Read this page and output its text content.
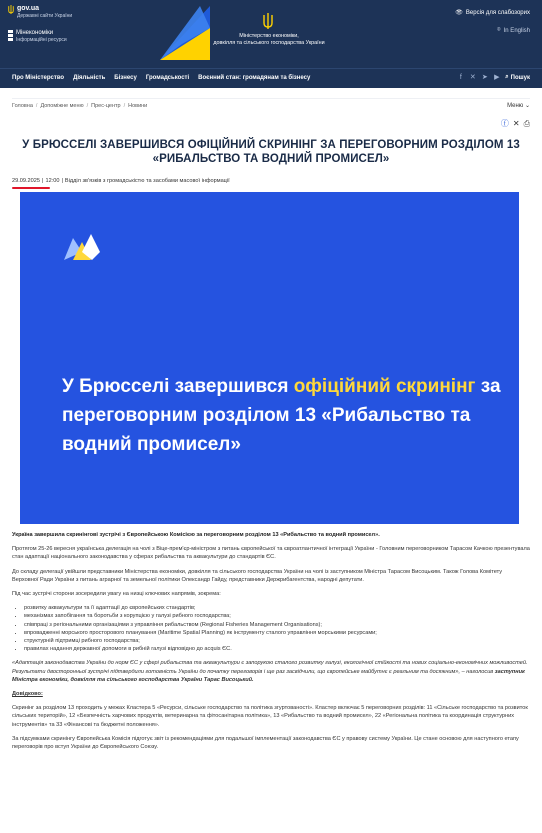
gov.ua
Державні сайти України
Мінекономіки
Інформаційні ресурси
Міністерство економіки,
довкілля та сільського господарства України
👁 Версія для слабозорих
⌾ In English
Про Міністерство Діяльність Бізнесу Громадськості Воєнний стан: громадянам та бізнесу	f	✕ ➤ ▶ ⌕ Пошук
Головна / Допоміжне меню / Прес-центр / Новини	Меню ⌄
ⓕ ✕ ⎙
У БРЮССЕЛІ ЗАВЕРШИВСЯ ОФІЦІЙНИЙ СКРИНІНГ ЗА ПЕРЕГОВОРНИМ РОЗДІЛОМ 13
«РИБАЛЬСТВО ТА ВОДНИЙ ПРОМИСЕЛ»
29.09.2025 | 12:00 | Відділ зв'язків з громадськістю та засобами масової інформації
У Брюсселі завершився офіційний скринінг за переговорним розділом 13 «Рибальство та водний промисел»

Україна завершила скринінгові зустрічі з Європейською Комісією за переговорним розділом 13 «Рибальство та водний промисел».

Протягом 25-26 вересня українська делегація на чолі з Віце-прем'єр-міністром з питань європейської та євроатлантичної інтеграції України - Головним переговорником Тарасом Качкою презентувала стан адаптації національного законодавства у сферах рибальства та аквакультури до стандартів ЄС.

До складу делегації увійшли представники Міністерства економіки, довкілля та сільського господарства України на чолі із заступником Міністра Тарасом Висоцьким. Також Голова Комітету Верховної Ради України з питань аграрної та земельної політики Олександр Гайду, представники Держрибагентства, народні депутати.

Під час зустрічі сторони зосередили увагу на низці ключових напрямів, зокрема:

• розвитку аквакультури та її адаптації до європейських стандартів;
• механізмах запобігання та боротьби з корупцією у галузі рибного господарства;
• співпраці з регіональними організаціями з управління рибальством (Regional Fisheries Management Organisations);
• впровадженні морського просторового планування (Maritime Spatial Planning) як інструменту сталого управління морськими ресурсами;
• структурній підтримці рибного господарства;
• правилах надання державної допомоги в рибній галузі відповідно до acquis ЄС.

«Адаптація законодавства України до норм ЄС у сфері рибальства та аквакультури є запорукою сталого розвитку галузі, екологічної стійкості та нових соціально-економічних можливостей. Результати двосторонньої зустрічі підтвердили готовність України до початку переговорів і ще раз засвідчили, що європейське майбутнє є реальним та досяжним», – наголосив заступник Міністра економіки, довкілля та сільського господарства України Тарас Висоцький.

Довідково:

Скринінг за розділом 13 проходить у межах Кластера 5 «Ресурси, сільське господарство та політика згуртованості». Кластер включає 5 переговорних розділів: 11 «Сільське господарство та розвиток сільських територій», 12 «Безпечність харчових продуктів, ветеринарна та фітосанітарна політика», 13 «Рибальство та водний промисел», 22 «Регіональна політика та координація структурних інструментів» та 33 «Фінансові та бюджетні положення».

За підсумками скринінгу Європейська Комісія підготує звіт із рекомендаціями для подальшої імплементації законодавства ЄС у правову систему України. Це стане основою для наступного етапу переговорів про вступ України до Європейського Союзу.
